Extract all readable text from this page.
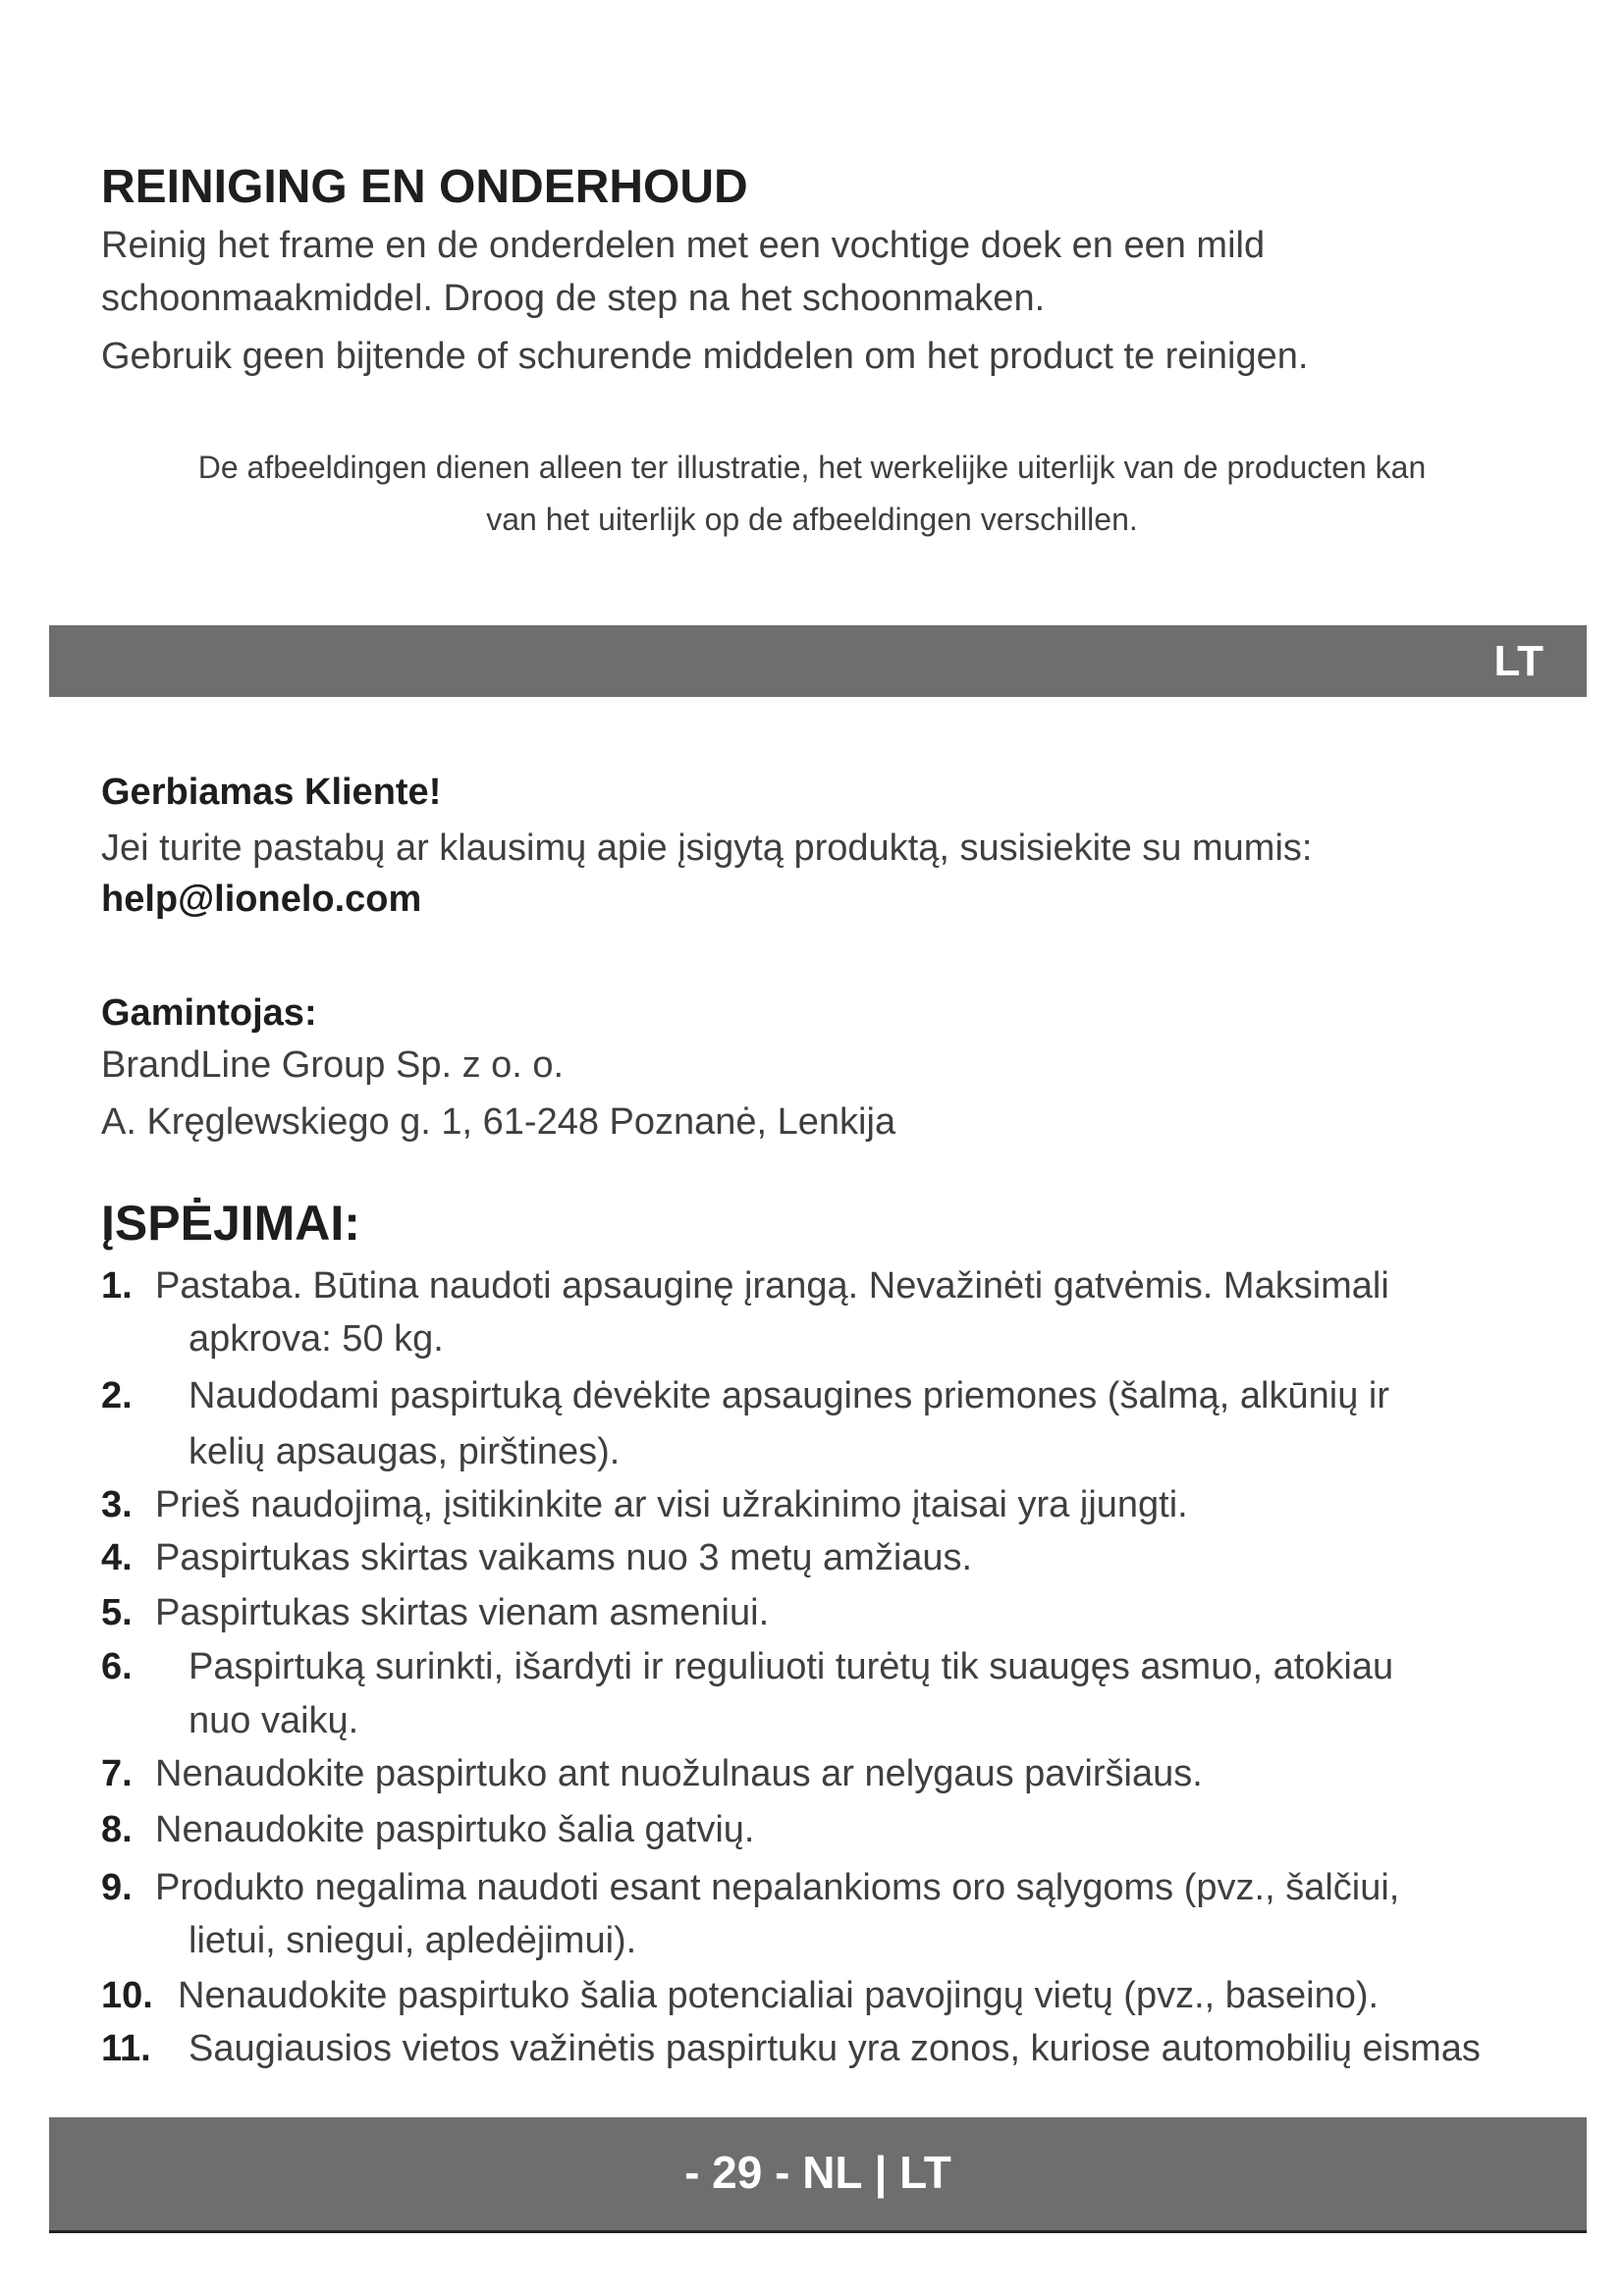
REINIGING EN ONDERHOUD
Reinig het frame en de onderdelen met een vochtige doek en een mild
schoonmaakmiddel. Droog de step na het schoonmaken.
Gebruik geen bijtende of schurende middelen om het product te reinigen.
De afbeeldingen dienen alleen ter illustratie, het werkelijke uiterlijk van de producten kan
van het uiterlijk op de afbeeldingen verschillen.
LT
Gerbiamas Kliente!
Jei turite pastabų ar klausimų apie įsigytą produktą, susisiekite su mumis:
help@lionelo.com
Gamintojas:
BrandLine Group Sp. z o. o.
A. Kręglewskiego g. 1, 61-248 Poznanė, Lenkija
ĮSPĖJIMAI:
1. Pastaba. Būtina naudoti apsauginę įrangą. Nevažinėti gatvėmis. Maksimali
apkrova: 50 kg.
2. Naudodami paspirtuką dėvėkite apsaugines priemones (šalmą, alkūnių ir
kelių apsaugas, pirštines).
3. Prieš naudojimą, įsitikinkite ar visi užrakinimo įtaisai yra įjungti.
4. Paspirtukas skirtas vaikams nuo 3 metų amžiaus.
5. Paspirtukas skirtas vienam asmeniui.
6. Paspirtuką surinkti, išardyti ir reguliuoti turėtų tik suaugęs asmuo, atokiau
nuo vaikų.
7. Nenaudokite paspirtuko ant nuožulnaus ar nelygaus paviršiaus.
8. Nenaudokite paspirtuko šalia gatvių.
9. Produkto negalima naudoti esant nepalankioms oro sąlygoms (pvz., šalčiui,
lietui, sniegui, apledėjimui).
10. Nenaudokite paspirtuko šalia potencialiai pavojingų vietų (pvz., baseino).
11. Saugiausios vietos važinėtis paspirtuku yra zonos, kuriose automobilių eismas
- 29 - NL | LT
